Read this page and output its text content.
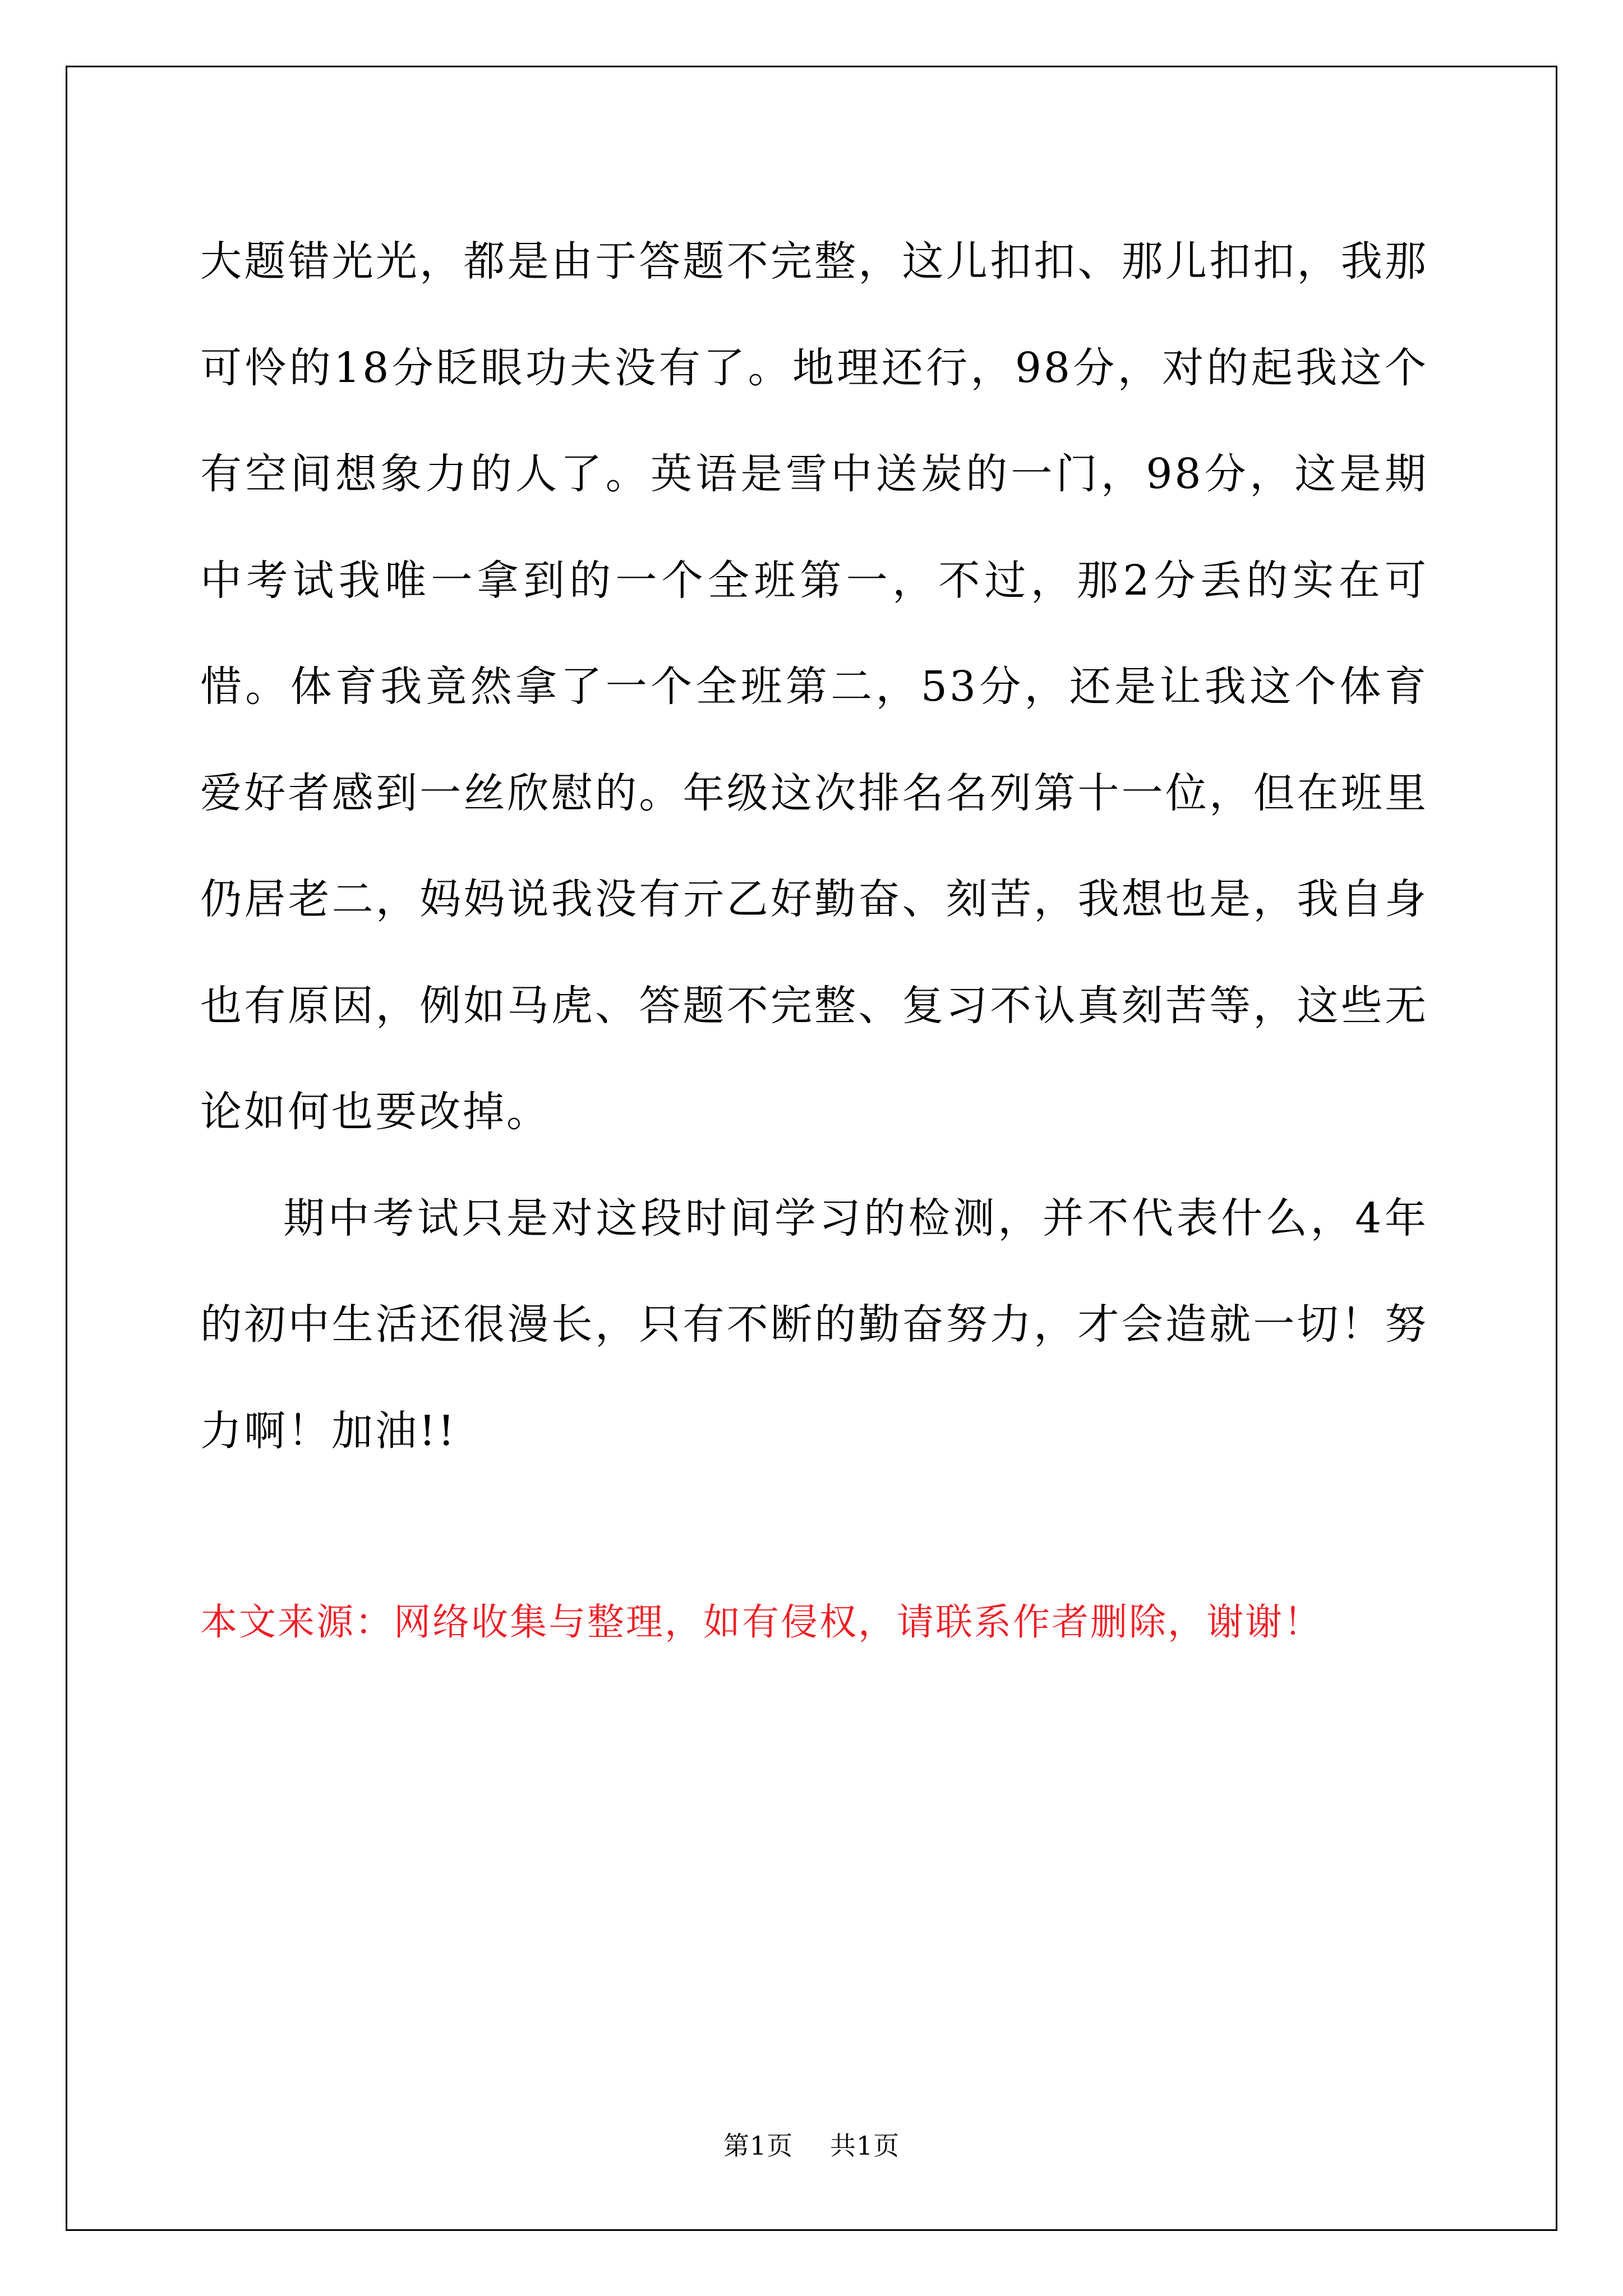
大题错光光，都是由于答题不完整，这儿扣扣、那儿扣扣，我那可怜的18分眨眼功夫没有了。地理还行，98分，对的起我这个有空间想象力的人了。英语是雪中送炭的一门，98分，这是期中考试我唯一拿到的一个全班第一，不过，那2分丢的实在可惜。体育我竟然拿了一个全班第二，53分，还是让我这个体育爱好者感到一丝欣慰的。年级这次排名名列第十一位，但在班里仍居老二，妈妈说我没有亓乙好勤奋、刻苦，我想也是，我自身也有原因，例如马虎、答题不完整、复习不认真刻苦等，这些无论如何也要改掉。

期中考试只是对这段时间学习的检测，并不代表什么，4年的初中生活还很漫长，只有不断的勤奋努力，才会造就一切！努力啊！加油!!

本文来源：网络收集与整理，如有侵权，请联系作者删除，谢谢！

第1页 共1页
